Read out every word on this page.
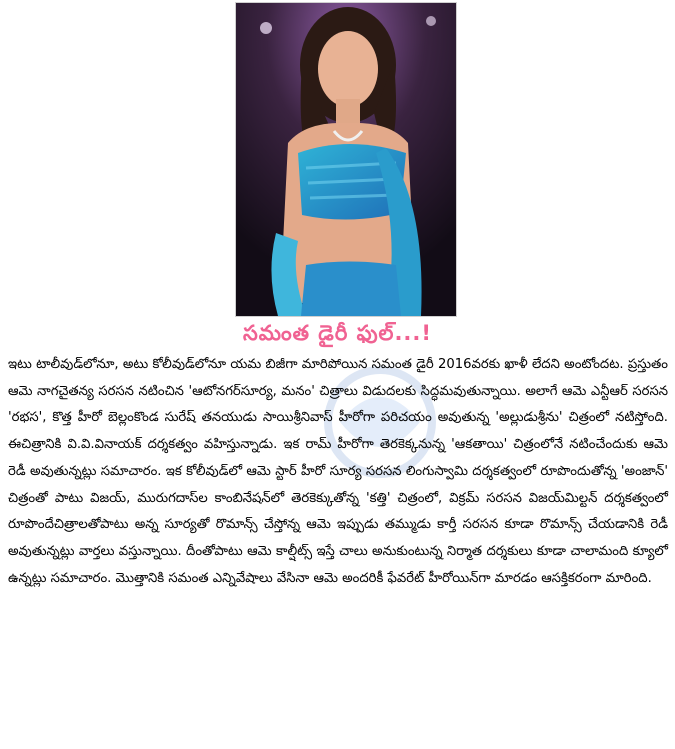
సమంత డైరీ ఫుల్...!

ఇటు టాలీవుడ్‌లోనూ, అటు కోలీవుడ్‌లోనూ యమ బిజీగా మారిపోయిన సమంత డైరీ 2016వరకు ఖాళీ లేదని అంటోందట. ప్రస్తుతం ఆమె నాగచైతన్య సరసన నటించిన 'ఆటోనగర్‌సూర్య, మనం' చిత్రాలు విడుదలకు సిద్ధమవుతున్నాయి. అలాగే ఆమె ఎన్టీఆర్ సరసన 'రభస', కొత్త హీరో బెల్లంకొండ సురేష్ తనయుడు సాయిశ్రీనివాస్ హీరోగా పరిచయం అవుతున్న 'అల్లుడుశ్రీను' చిత్రంలో నటిస్తోంది. ఈచిత్రానికి వి.వి.వినాయక్ దర్శకత్వం వహిస్తున్నాడు. ఇక రామ్ హీరోగా తెరకెక్కనున్న 'ఆకతాయి' చిత్రంలోనే నటించేందుకు ఆమె రెడీ అవుతున్నట్లు సమాచారం. ఇక కోలీవుడ్‌లో ఆమె స్టార్ హీరో సూర్య సరసన లింగుస్వామి దర్శకత్వంలో రూపొందుతోన్న 'అంజాన్' చిత్రంతో పాటు విజయ్, మురుగదాస్‌ల కాంబినేషన్‌లో తెరకెక్కుతోన్న 'కత్తి' చిత్రంలో, విక్రమ్ సరసన విజయ్‌మిల్టన్ దర్శకత్వంలో రూపొందేచిత్రాలతోపాటు అన్న సూర్యతో రొమాన్స్ చేస్తోన్న ఆమె ఇప్పుడు తమ్ముడు కార్తీ సరసన కూడా రొమాన్స్ చేయడానికి రెడీ అవుతున్నట్లు వార్తలు వస్తున్నాయి. దీంతోపాటు ఆమె కాల్షీట్స్ ఇస్తే చాలు అనుకుంటున్న నిర్మాత దర్శకులు కూడా చాలామంది క్యూలో ఉన్నట్లు సమాచారం. మొత్తానికి సమంత ఎన్నివేషాలు వేసినా ఆమె అందరికీ ఫేవరేట్ హీరోయిన్‌గా మారడం ఆసక్తికరంగా మారింది.
